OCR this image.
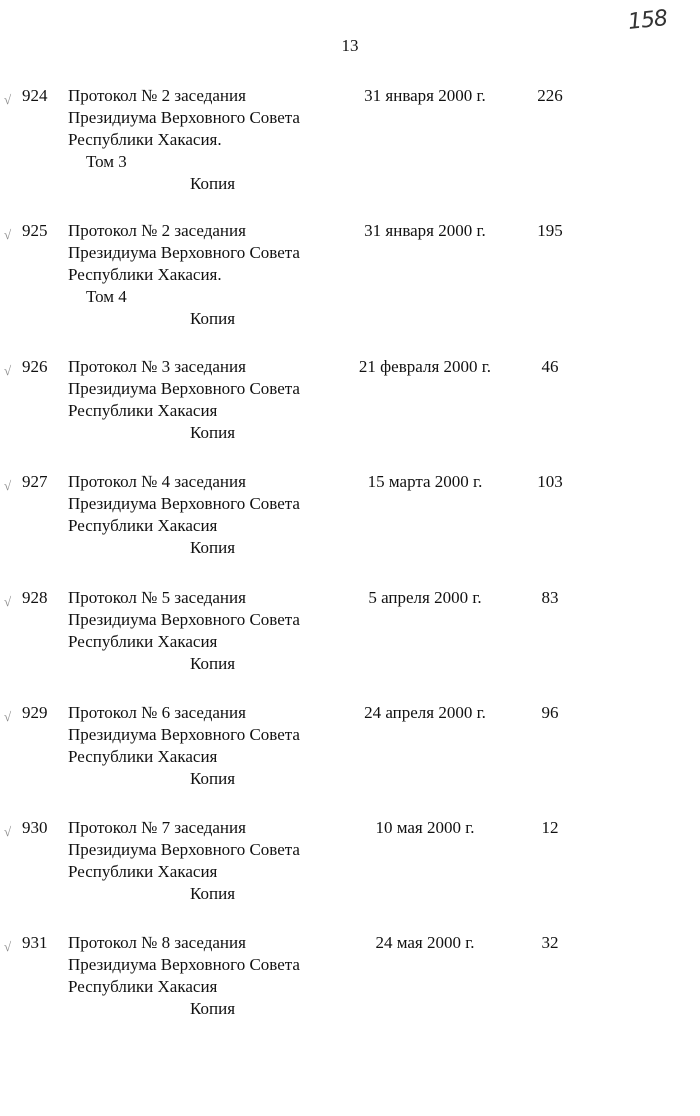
13
158
√ 924 Протокол № 2 заседания
Президиума Верховного Совета
Республики Хакасия.
Том 3
Копия
31 января 2000 г.	226
√ 925 Протокол № 2 заседания
Президиума Верховного Совета
Республики Хакасия.
Том 4
Копия
31 января 2000 г.	195
√ 926 Протокол № 3 заседания
Президиума Верховного Совета
Республики Хакасия
Копия
21 февраля 2000 г.	46
√ 927 Протокол № 4 заседания
Президиума Верховного Совета
Республики Хакасия
Копия
15 марта 2000 г.	103
√ 928 Протокол № 5 заседания
Президиума Верховного Совета
Республики Хакасия
Копия
5 апреля 2000 г.	83
√ 929 Протокол № 6 заседания
Президиума Верховного Совета
Республики Хакасия
Копия
24 апреля 2000 г.	96
√ 930 Протокол № 7 заседания
Президиума Верховного Совета
Республики Хакасия
Копия
10 мая 2000 г.	12
√ 931 Протокол № 8 заседания
Президиума Верховного Совета
Республики Хакасия
Копия
24 мая 2000 г.	32
